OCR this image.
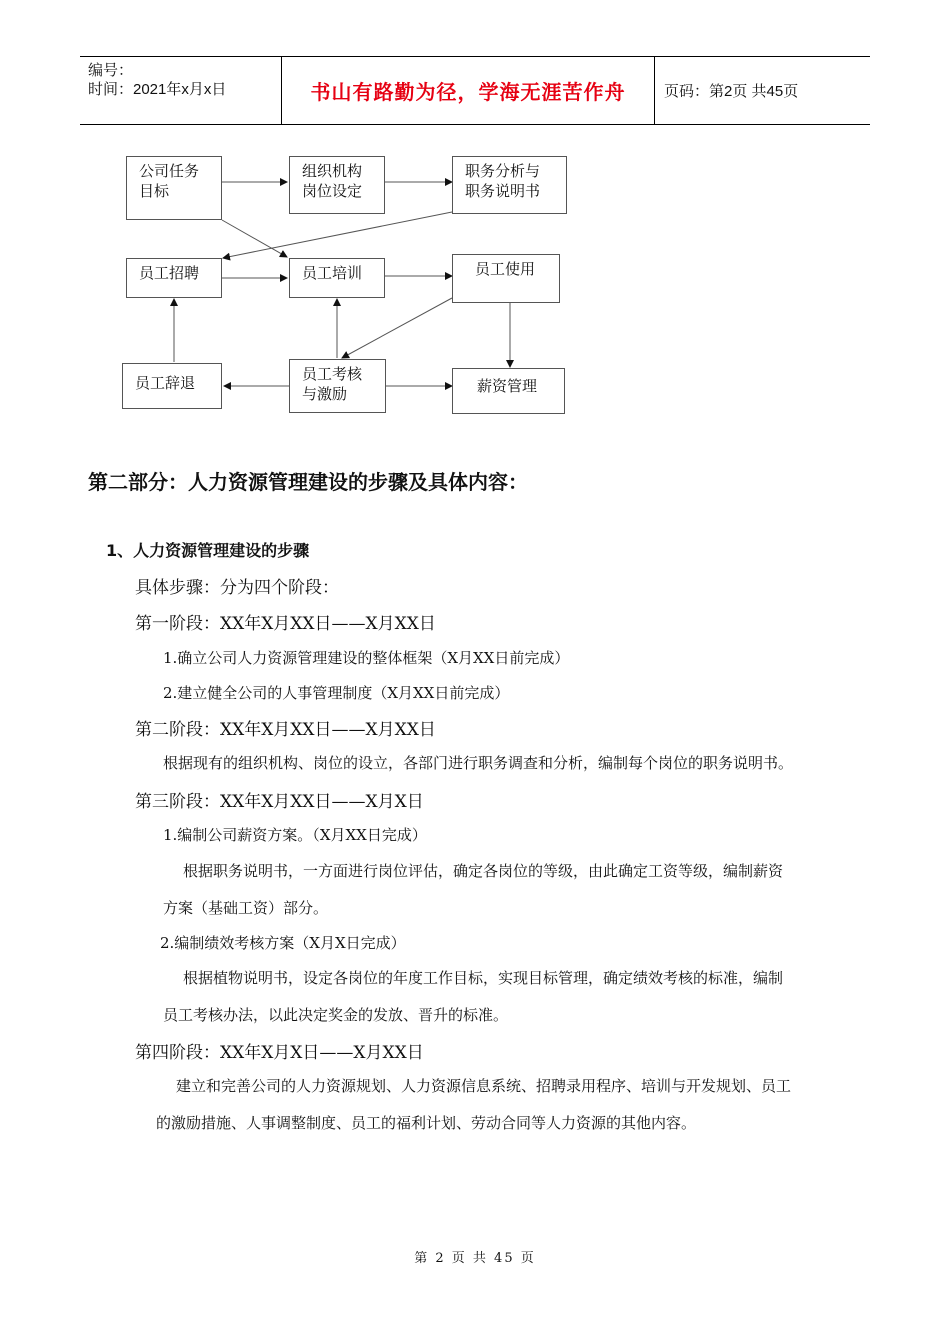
编号：
时间：2021年x月x日	书山有路勤为径，学海无涯苦作舟	页码：第2页 共45页
公司任务
目标
组织机构
岗位设定
职务分析与
职务说明书
员工招聘	员工培训	员工使用
员工辞退	员工考核
与激励	薪资管理
第二部分：人力资源管理建设的步骤及具体内容：
1、人力资源管理建设的步骤
具体步骤：分为四个阶段：
第一阶段：XX年X月XX日——X月XX日
1.确立公司人力资源管理建设的整体框架（X月XX日前完成）
2.建立健全公司的人事管理制度（X月XX日前完成）
第二阶段：XX年X月XX日——X月XX日
根据现有的组织机构、岗位的设立，各部门进行职务调查和分析，编制每个岗位的职务说明书。
第三阶段：XX年X月XX日——X月X日
1.编制公司薪资方案。（X月XX日完成）
根据职务说明书，一方面进行岗位评估，确定各岗位的等级，由此确定工资等级，编制薪资
方案（基础工资）部分。
2.编制绩效考核方案（X月X日完成）
根据植物说明书，设定各岗位的年度工作目标，实现目标管理，确定绩效考核的标准，编制
员工考核办法，以此决定奖金的发放、晋升的标准。
第四阶段：XX年X月X日——X月XX日
建立和完善公司的人力资源规划、人力资源信息系统、招聘录用程序、培训与开发规划、员工
的激励措施、人事调整制度、员工的福利计划、劳动合同等人力资源的其他内容。
第 2 页 共 45 页
